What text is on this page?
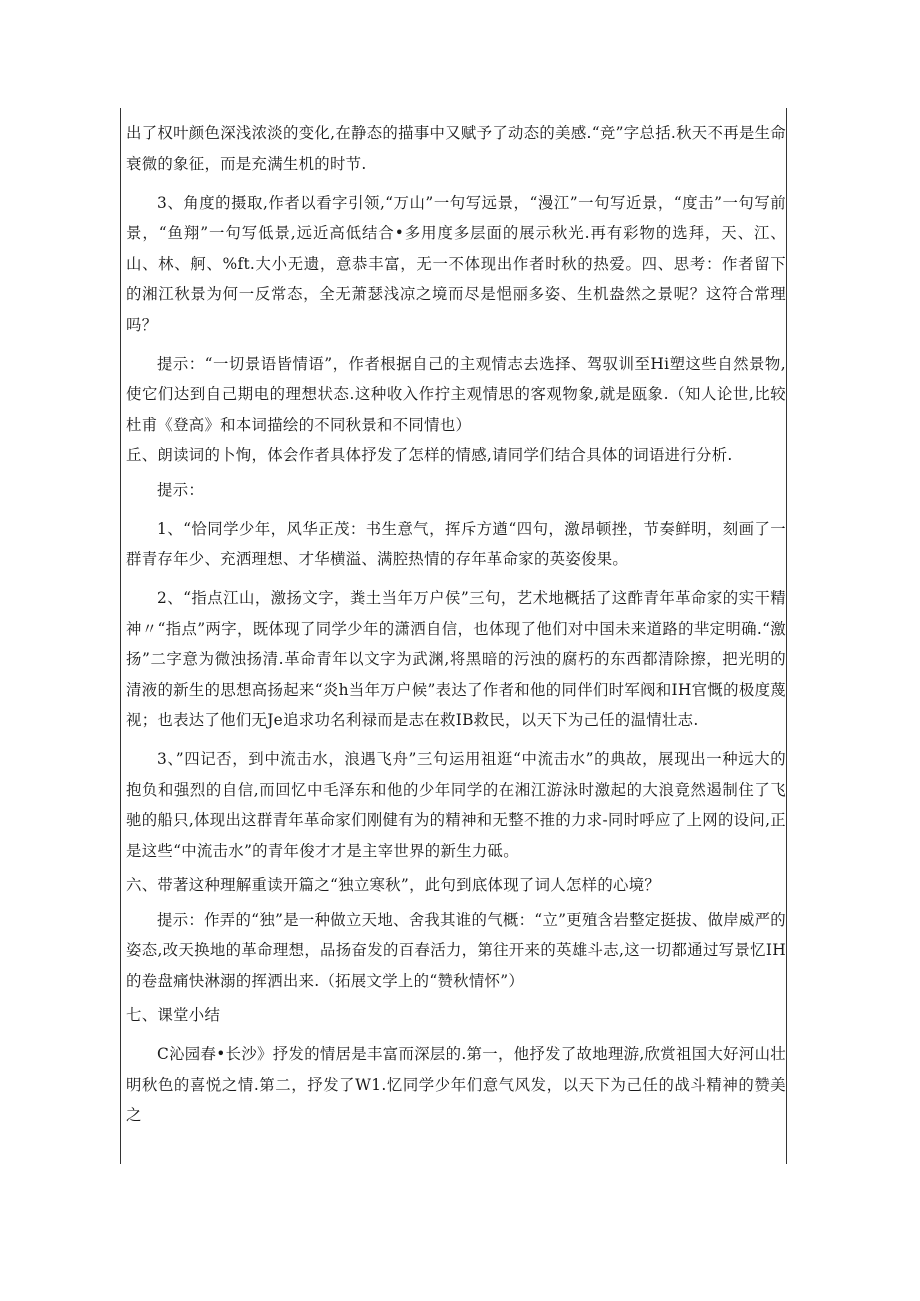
出了权叶颜色深浅浓淡的变化,在静态的描事中又赋予了动态的美感.“竞”字总括.秋天不再是生命衰微的象征，而是充满生机的时节.

3、角度的摄取,作者以看字引领,“万山”一句写远景，“漫江”一句写近景，“度击”一句写前景，“鱼翔”一句写低景,远近高低结合•多用度多层面的展示秋光.再有彩物的选拜，天、江、山、林、舸、%ft.大小无遗，意恭丰富，无一不体现出作者时秋的热爱。四、思考：作者留下的湘江秋景为何一反常态，全无萧瑟浅凉之境而尽是悒丽多姿、生机盎然之景呢？这符合常理吗？

提示：“一切景语皆情语”，作者根据自己的主观情志去选择、驾驭训至Hi塑这些自然景物,使它们达到自己期电的理想状态.这种收入作拧主观情思的客观物象,就是瓯象.（知人论世,比较杜甫《登高》和本词描绘的不同秋景和不同情也）

丘、朗读词的卜恂，体会作者具体抒发了怎样的情感,请同学们结合具体的词语进行分析.

提示：

1、“恰同学少年，风华正茂：书生意气，挥斥方遒“四句，激昂顿挫，节奏鲜明，刻画了一群青存年少、充洒理想、才华横溢、满腔热情的存年革命家的英姿俊果。

2、“指点江山，激扬文字，粪土当年万户侯”三句，艺术地概括了这酢青年革命家的实干精神〃“指点”两字，既体现了同学少年的潇洒自信，也体现了他们对中国未来道路的芈定明确.“激扬”二字意为微浊扬清.革命青年以文字为武渊,将黑暗的污浊的腐朽的东西都清除擦，把光明的清液的新生的思想高扬起来“炎h当年万户候”表达了作者和他的同伴们时军阀和IH官慨的极度蔑视；也表达了他们无Je追求功名利禄而是志在救IB救民，以天下为己任的温情壮志.

3、”四记否，到中流击水，浪遇飞舟”三句运用祖逛“中流击水”的典故，展现出一种远大的抱负和强烈的自信,而回忆中毛泽东和他的少年同学的在湘江游泳时激起的大浪竟然遏制住了飞驰的船只,体现出这群青年革命家们刚健有为的精神和无整不推的力求-同时呼应了上网的设问,正是这些“中流击水”的青年俊才才是主宰世界的新生力砥。

六、带著这种理解重读开篇之“独立寒秋”，此句到底体现了词人怎样的心境？

提示：作弄的“独”是一种做立天地、舍我其谁的气概：“立”更殖含岩整定挺拔、做岸威严的姿态,改天换地的革命理想，品扬奋发的百春活力，第往开来的英雄斗志,这一切都通过写景忆IH的卷盘痛快淋溺的挥洒出来.（拓展文学上的“赞秋情怀”）

七、课堂小结

C沁园春•长沙》抒发的情居是丰富而深层的.第一，他抒发了故地理游,欣赏祖国大好河山壮明秋色的喜悦之情.第二，抒发了W1.忆同学少年们意气风发，以天下为己任的战斗精神的赞美之
